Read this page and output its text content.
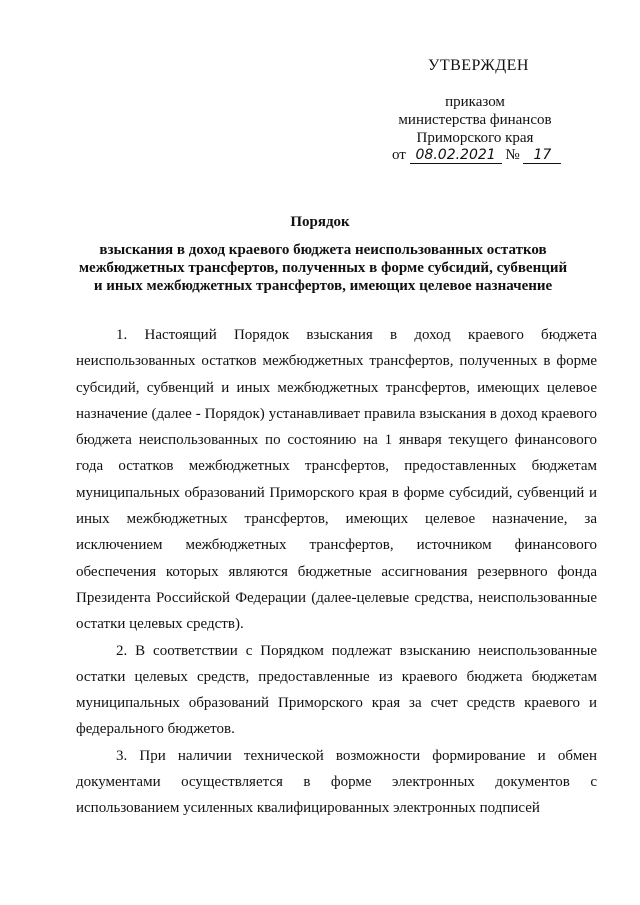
УТВЕРЖДЕН
приказом
министерства финансов
Приморского края
от 08.02.2021 № 17
Порядок
взыскания в доход краевого бюджета неиспользованных остатков межбюджетных трансфертов, полученных в форме субсидий, субвенций и иных межбюджетных трансфертов, имеющих целевое назначение

1. Настоящий Порядок взыскания в доход краевого бюджета неиспользованных остатков межбюджетных трансфертов, полученных в форме субсидий, субвенций и иных межбюджетных трансфертов, имеющих целевое назначение (далее - Порядок) устанавливает правила взыскания в доход краевого бюджета неиспользованных по состоянию на 1 января текущего финансового года остатков межбюджетных трансфертов, предоставленных бюджетам муниципальных образований Приморского края в форме субсидий, субвенций и иных межбюджетных трансфертов, имеющих целевое назначение, за исключением межбюджетных трансфертов, источником финансового обеспечения которых являются бюджетные ассигнования резервного фонда Президента Российской Федерации (далее-целевые средства, неиспользованные остатки целевых средств).

2. В соответствии с Порядком подлежат взысканию неиспользованные остатки целевых средств, предоставленные из краевого бюджета бюджетам муниципальных образований Приморского края за счет средств краевого и федерального бюджетов.

3. При наличии технической возможности формирование и обмен документами осуществляется в форме электронных документов с использованием усиленных квалифицированных электронных подписей
